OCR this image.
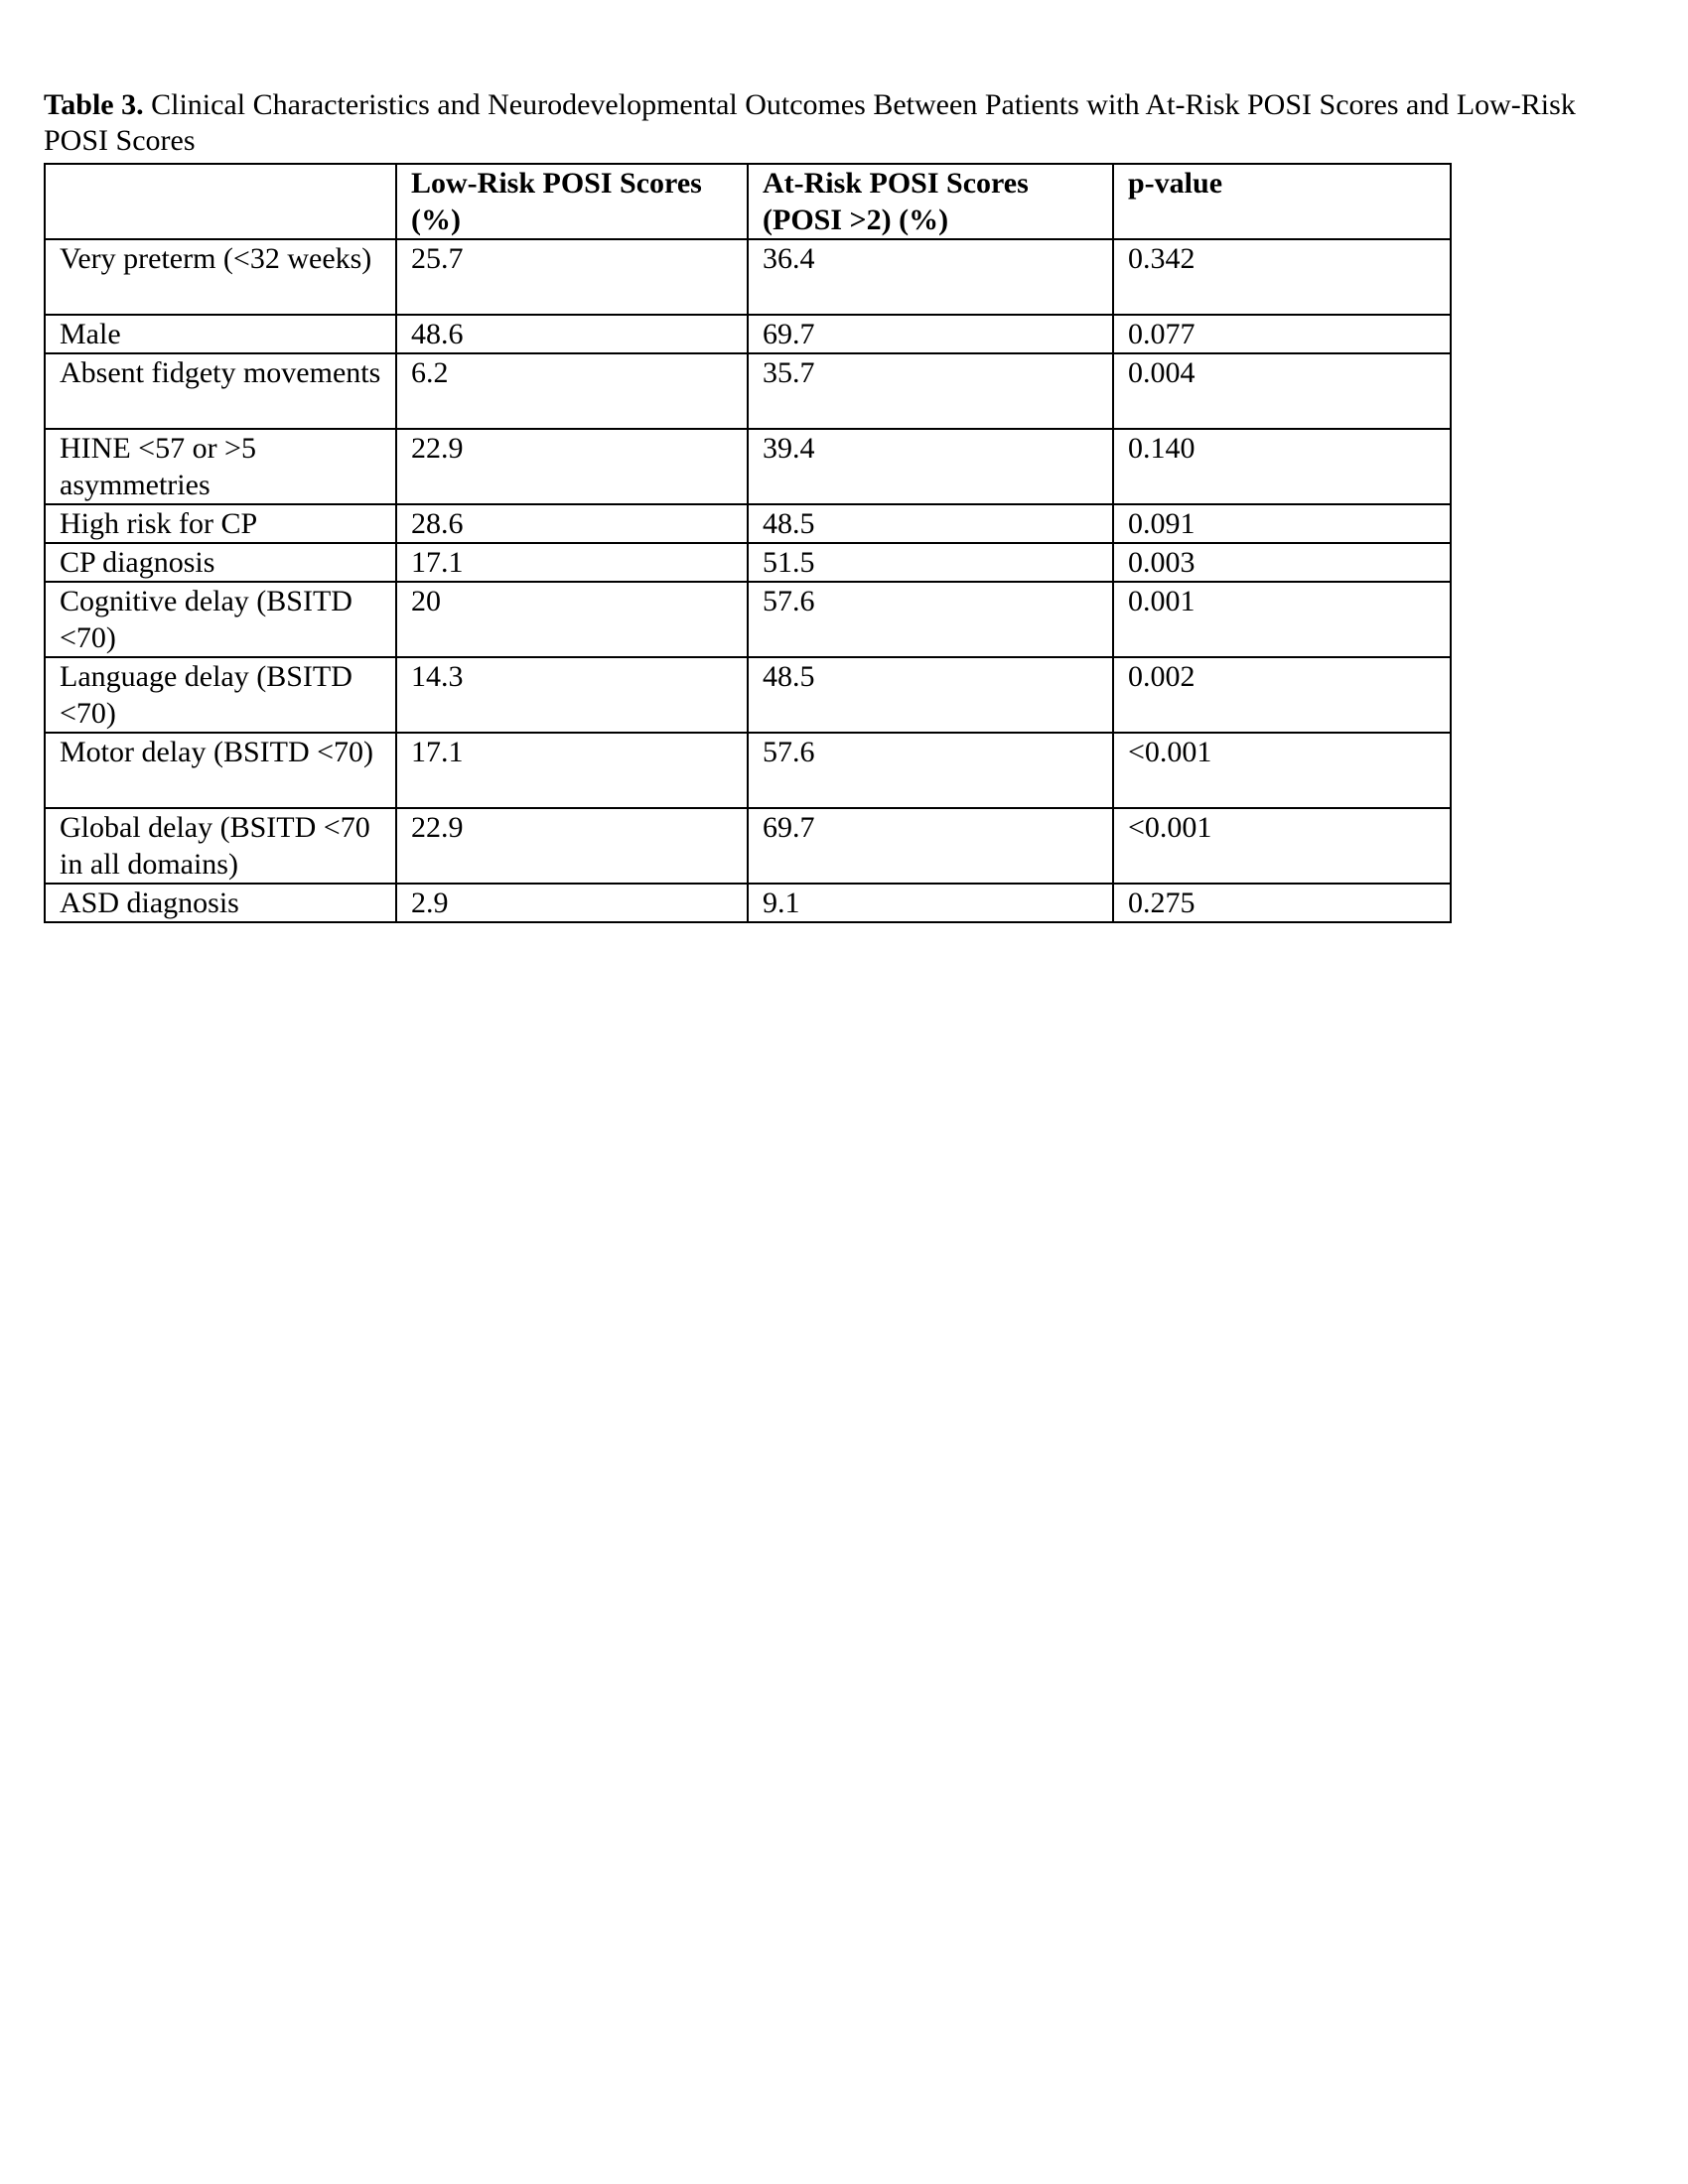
Table 3. Clinical Characteristics and Neurodevelopmental Outcomes Between Patients with At-Risk POSI Scores and Low-Risk POSI Scores
	Low-Risk POSI Scores (%)	At-Risk POSI Scores (POSI >2) (%)	p-value
Very preterm (<32 weeks)	25.7	36.4	0.342
Male	48.6	69.7	0.077
Absent fidgety movements	6.2	35.7	0.004
HINE <57 or >5 asymmetries	22.9	39.4	0.140
High risk for CP	28.6	48.5	0.091
CP diagnosis	17.1	51.5	0.003
Cognitive delay (BSITD <70)	20	57.6	0.001
Language delay (BSITD <70)	14.3	48.5	0.002
Motor delay (BSITD <70)	17.1	57.6	<0.001
Global delay (BSITD <70 in all domains)	22.9	69.7	<0.001
ASD diagnosis	2.9	9.1	0.275
